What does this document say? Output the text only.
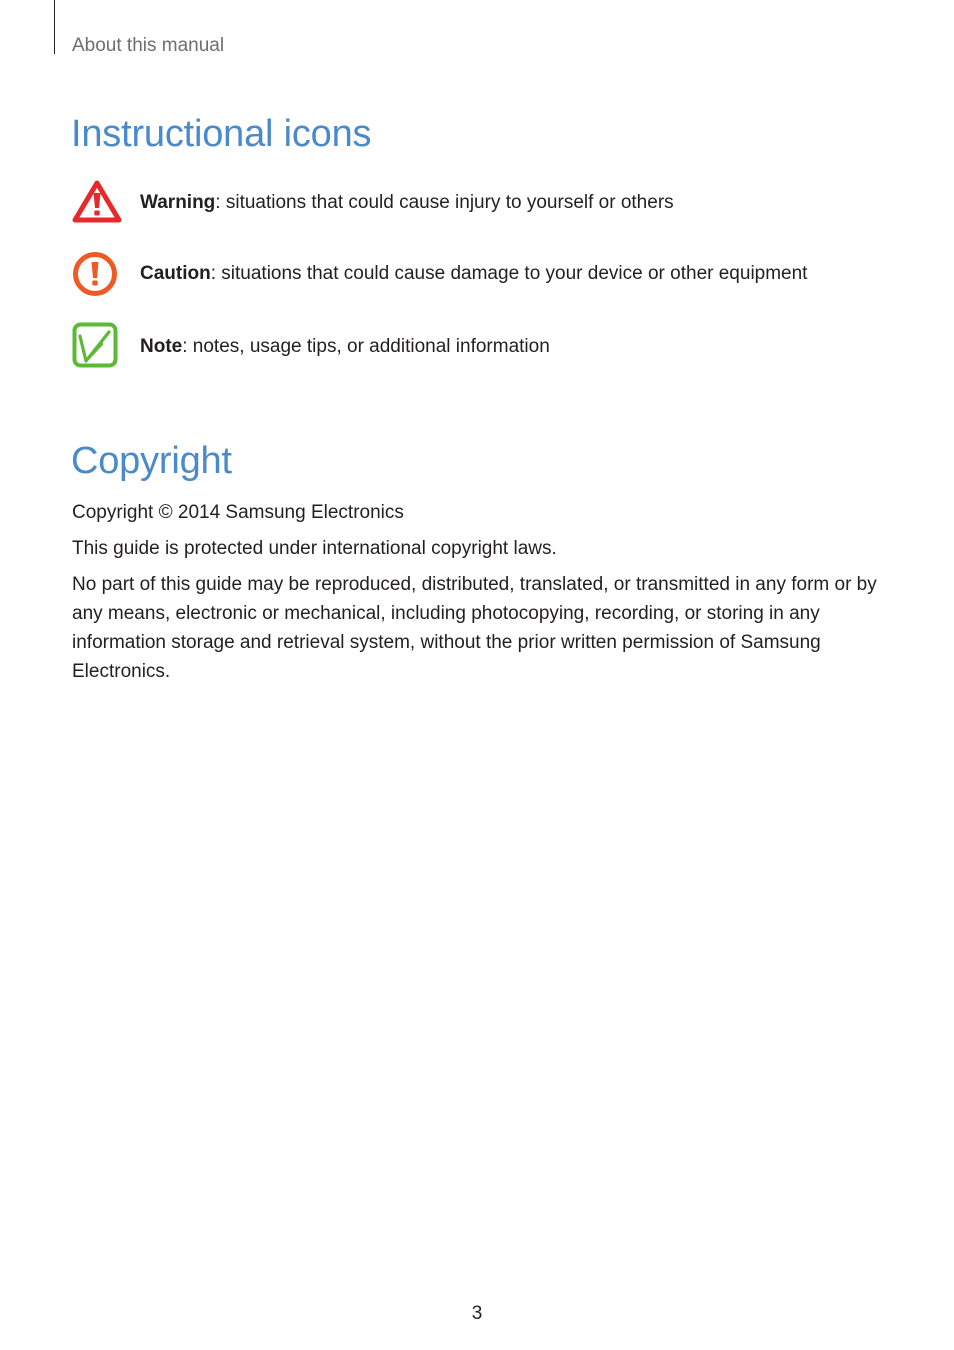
About this manual
Instructional icons
Warning: situations that could cause injury to yourself or others
Caution: situations that could cause damage to your device or other equipment
Note: notes, usage tips, or additional information
Copyright

Copyright © 2014 Samsung Electronics

This guide is protected under international copyright laws.

No part of this guide may be reproduced, distributed, translated, or transmitted in any form or by any means, electronic or mechanical, including photocopying, recording, or storing in any information storage and retrieval system, without the prior written permission of Samsung Electronics.

3
